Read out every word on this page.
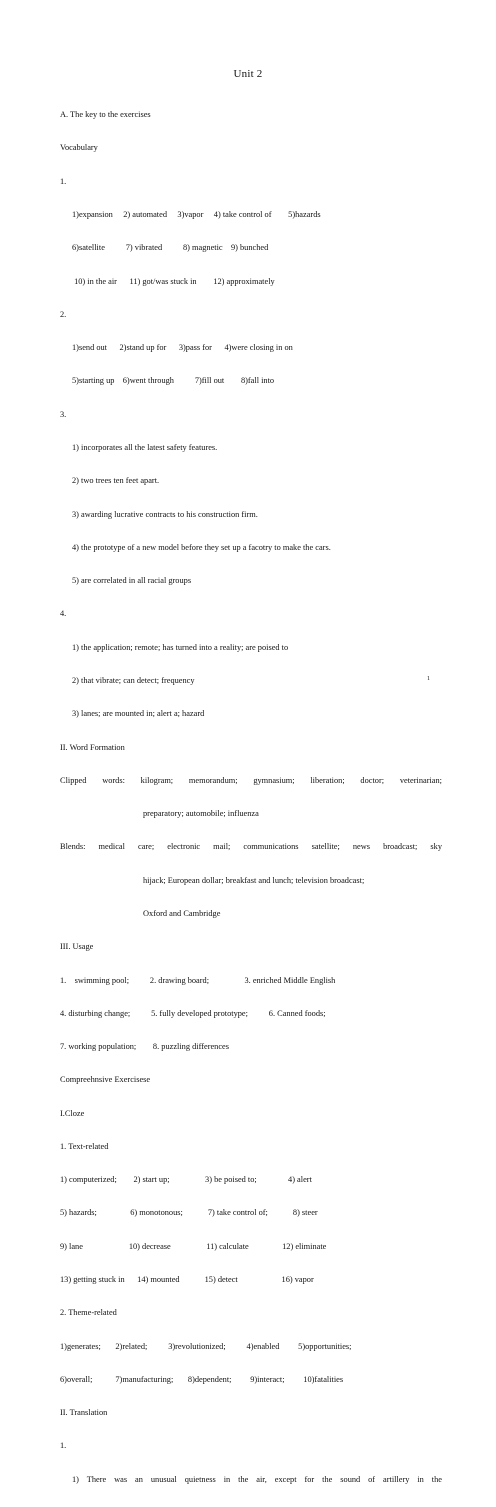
Unit 2

A. The key to the exercises

Vocabulary

1.

1)expansion     2) automated     3)vapor     4) take control of        5)hazards

6)satellite          7) vibrated          8) magnetic    9) bunched

10) in the air      11) got/was stuck in        12) approximately

2.

1)send out      2)stand up for      3)pass for      4)were closing in on

5)starting up    6)went through          7)fill out        8)fall into

3.

1) incorporates all the latest safety features.

2) two trees ten feet apart.

3) awarding lucrative contracts to his construction firm.

4) the prototype of a new model before they set up a facotry to make the cars.

5) are correlated in all racial groups

4.

1) the application; remote; has turned into a reality; are poised to

2) that vibrate; can detect; frequency

3) lanes; are mounted in; alert a; hazard

II. Word Formation

Clipped words: kilogram; memorandum; gymnasium; liberation; doctor; veterinarian;

preparatory; automobile; influenza

Blends: medical care; electronic mail; communications satellite; news broadcast; sky

hijack; European dollar; breakfast and lunch; television broadcast;

Oxford and Cambridge

III. Usage

1.    swimming pool;          2. drawing board;                 3. enriched Middle English

4. disturbing change;          5. fully developed prototype;          6. Canned foods;

7. working population;        8. puzzling differences

Compreehnsive Exercisese

I.Cloze

1. Text-related

1) computerized;        2) start up;                 3) be poised to;               4) alert

5) hazards;                6) monotonous;            7) take control of;            8) steer

9) lane                      10) decrease                 11) calculate                12) eliminate

13) getting stuck in      14) mounted            15) detect                     16) vapor

2. Theme-related

1)generates;       2)related;          3)revolutionized;          4)enabled         5)opportunities;

6)overall;           7)manufacturing;       8)dependent;         9)interact;         10)fatalities

II. Translation

1.

1) There was an unusual quietness in the air, except for the sound of artillery in the

1
